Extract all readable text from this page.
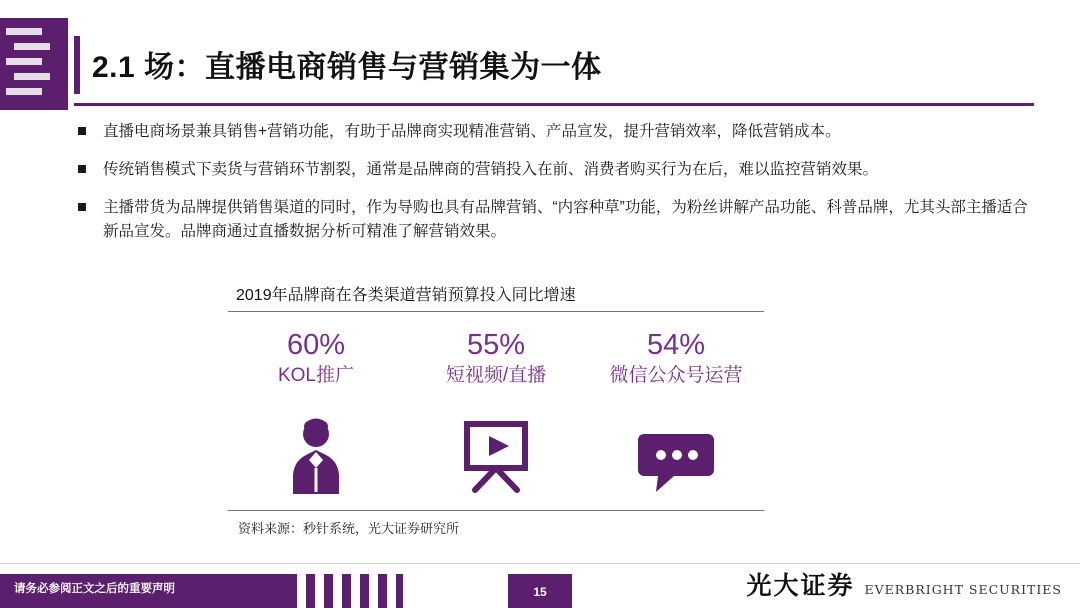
2.1 场：直播电商销售与营销集为一体
直播电商场景兼具销售+营销功能，有助于品牌商实现精准营销、产品宣发，提升营销效率，降低营销成本。
传统销售模式下卖货与营销环节割裂，通常是品牌商的营销投入在前、消费者购买行为在后，难以监控营销效果。
主播带货为品牌提供销售渠道的同时，作为导购也具有品牌营销、“内容种草”功能，为粉丝讲解产品功能、科普品牌，尤其头部主播适合新品宣发。品牌商通过直播数据分析可精准了解营销效果。
2019年品牌商在各类渠道营销预算投入同比增速
60%
KOL推广
55%
短视频/直播
54%
微信公众号运营
资料来源：秒针系统，光大证券研究所
请务必参阅正文之后的重要声明	15	光大证券 EVERBRIGHT SECURITIES
